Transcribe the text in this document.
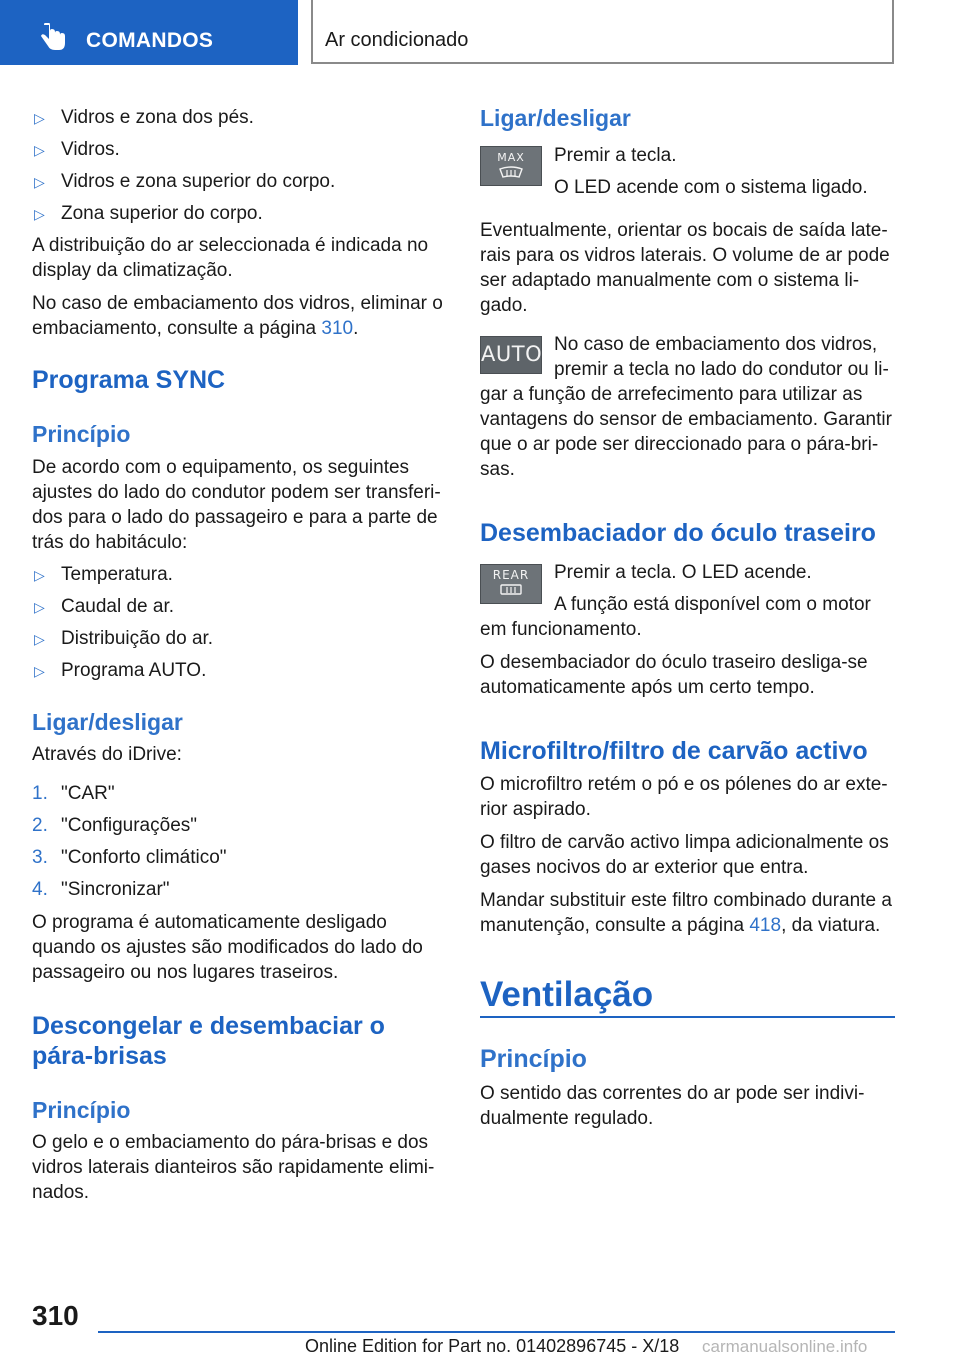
COMANDOS	Ar condicionado
▷ Vidros e zona dos pés.

▷ Vidros.

▷ Vidros e zona superior do corpo.

▷ Zona superior do corpo.

A distribuição do ar seleccionada é indicada no

display da climatização.

No caso de embaciamento dos vidros, eliminar o

embaciamento, consulte a página 310.

Programa SYNC
Princípio

De acordo com o equipamento, os seguintes

ajustes do lado do condutor podem ser transferi-

dos para o lado do passageiro e para a parte de

trás do habitáculo:

▷ Temperatura.

▷ Caudal de ar.

▷ Distribuição do ar.

▷ Programa AUTO.

Ligar/desligar

Através do iDrive:

1. "CAR"

2. "Configurações"

3. "Conforto climático"

4. "Sincronizar"

O programa é automaticamente desligado

quando os ajustes são modificados do lado do

passageiro ou nos lugares traseiros.

Descongelar e desembaciar o
pára-brisas
Princípio

O gelo e o embaciamento do pára-brisas e dos

vidros laterais dianteiros são rapidamente elimi-

nados.

Ligar/desligar
MAX	Premir a tecla.

O LED acende com o sistema ligado.

Eventualmente, orientar os bocais de saída late-

rais para os vidros laterais. O volume de ar pode

ser adaptado manualmente com o sistema li-

gado.

AUTO No caso de embaciamento dos vidros,

premir a tecla no lado do condutor ou li-

gar a função de arrefecimento para utilizar as

vantagens do sensor de embaciamento. Garantir

que o ar pode ser direccionado para o pára-bri-

sas.

Desembaciador do óculo traseiro
REAR	Premir a tecla. O LED acende.

A função está disponível com o motor

em funcionamento.

O desembaciador do óculo traseiro desliga-se

automaticamente após um certo tempo.

Microfiltro/filtro de carvão activo

O microfiltro retém o pó e os pólenes do ar exte-

rior aspirado.

O filtro de carvão activo limpa adicionalmente os

gases nocivos do ar exterior que entra.

Mandar substituir este filtro combinado durante a

manutenção, consulte a página 418, da viatura.

Ventilação
Princípio

O sentido das correntes do ar pode ser indivi-

dualmente regulado.

310
Online Edition for Part no. 01402896745 - X/18 carmanualsonline.info
